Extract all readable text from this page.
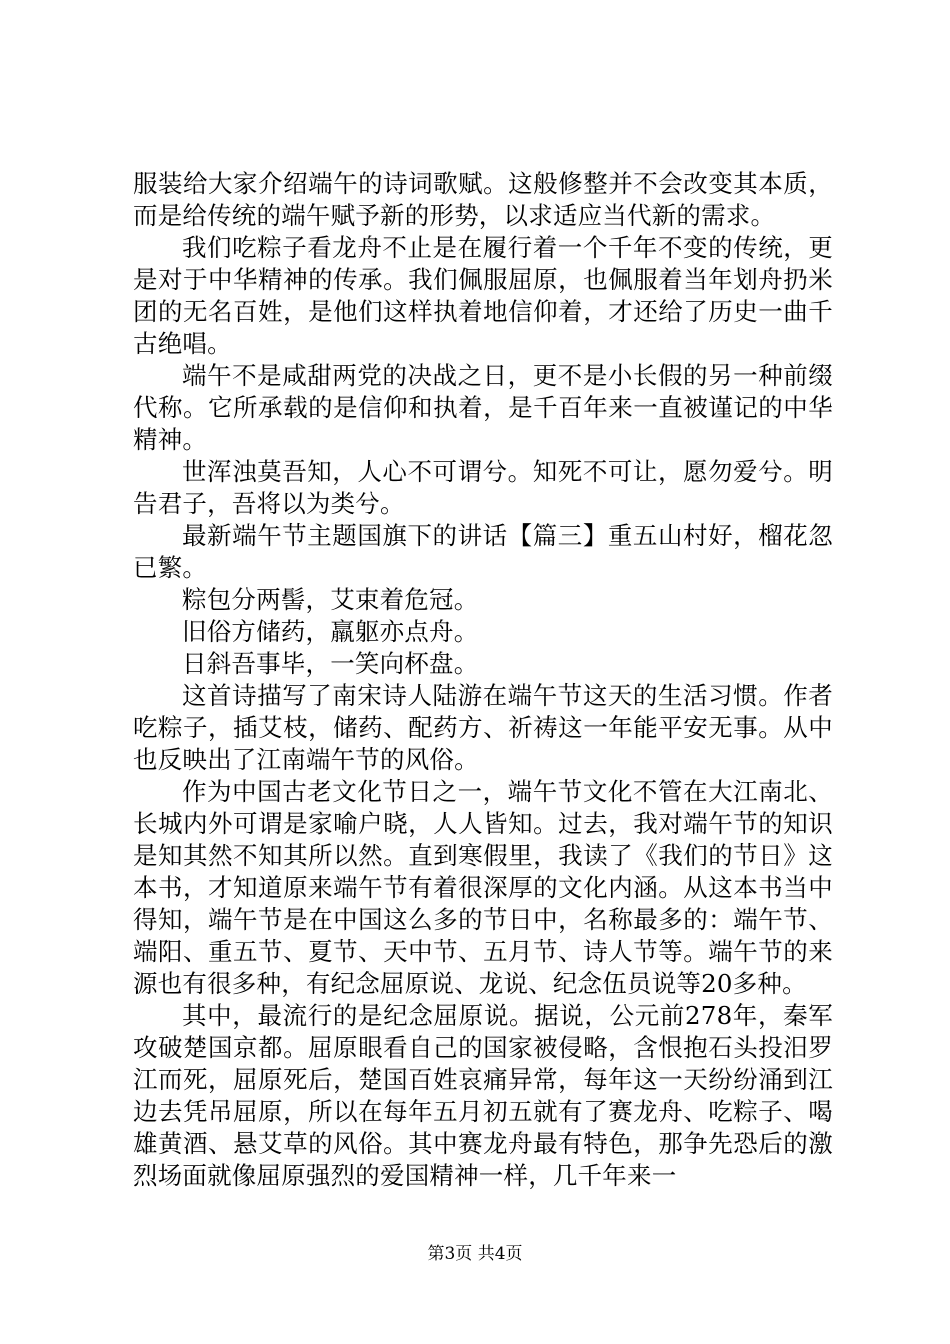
服装给大家介绍端午的诗词歌赋。这般修整并不会改变其本质，而是给传统的端午赋予新的形势，以求适应当代新的需求。

我们吃粽子看龙舟不止是在履行着一个千年不变的传统，更是对于中华精神的传承。我们佩服屈原，也佩服着当年划舟扔米团的无名百姓，是他们这样执着地信仰着，才还给了历史一曲千古绝唱。

端午不是咸甜两党的决战之日，更不是小长假的另一种前缀代称。它所承载的是信仰和执着，是千百年来一直被谨记的中华精神。

世浑浊莫吾知，人心不可谓兮。知死不可让，愿勿爱兮。明告君子，吾将以为类兮。

最新端午节主题国旗下的讲话【篇三】重五山村好，榴花忽已繁。

粽包分两髻，艾束着危冠。

旧俗方储药，羸躯亦点舟。

日斜吾事毕，一笑向杯盘。

这首诗描写了南宋诗人陆游在端午节这天的生活习惯。作者吃粽子，插艾枝，储药、配药方、祈祷这一年能平安无事。从中也反映出了江南端午节的风俗。

作为中国古老文化节日之一，端午节文化不管在大江南北、长城内外可谓是家喻户晓，人人皆知。过去，我对端午节的知识是知其然不知其所以然。直到寒假里，我读了《我们的节日》这本书，才知道原来端午节有着很深厚的文化内涵。从这本书当中得知，端午节是在中国这么多的节日中，名称最多的：端午节、端阳、重五节、夏节、天中节、五月节、诗人节等。端午节的来源也有很多种，有纪念屈原说、龙说、纪念伍员说等20多种。

其中，最流行的是纪念屈原说。据说，公元前278年，秦军攻破楚国京都。屈原眼看自己的国家被侵略，含恨抱石头投汨罗江而死，屈原死后，楚国百姓哀痛异常，每年这一天纷纷涌到江边去凭吊屈原，所以在每年五月初五就有了赛龙舟、吃粽子、喝雄黄酒、悬艾草的风俗。其中赛龙舟最有特色，那争先恐后的激烈场面就像屈原强烈的爱国精神一样，几千年来一

第3页 共4页
